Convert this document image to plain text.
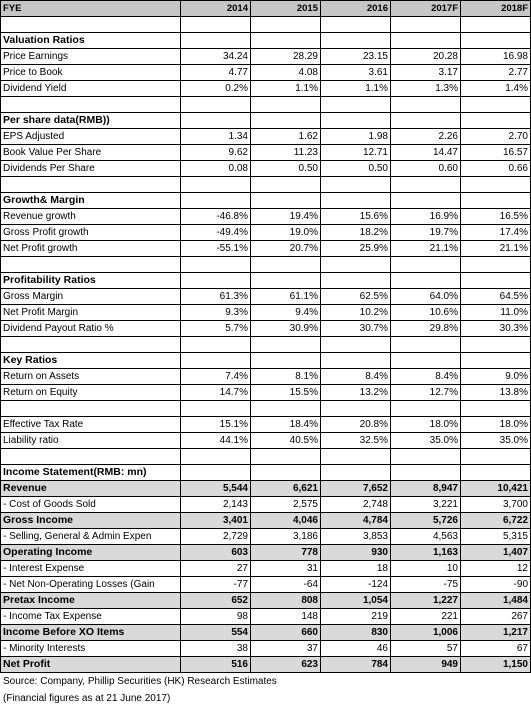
FYE	2014	2015	2016	2017F	2018F

Valuation Ratios					
Price Earnings	34.24	28.29	23.15	20.28	16.98
Price to Book	4.77	4.08	3.61	3.17	2.77
Dividend Yield	0.2%	1.1%	1.1%	1.3%	1.4%

Per share data(RMB))					
EPS Adjusted	1.34	1.62	1.98	2.26	2.70
Book Value Per Share	9.62	11.23	12.71	14.47	16.57
Dividends Per Share	0.08	0.50	0.50	0.60	0.66

Growth& Margin					
Revenue growth	-46.8%	19.4%	15.6%	16.9%	16.5%
Gross Profit growth	-49.4%	19.0%	18.2%	19.7%	17.4%
Net Profit growth	-55.1%	20.7%	25.9%	21.1%	21.1%

Profitability Ratios					
Gross Margin	61.3%	61.1%	62.5%	64.0%	64.5%
Net Profit Margin	9.3%	9.4%	10.2%	10.6%	11.0%
Dividend Payout Ratio %	5.7%	30.9%	30.7%	29.8%	30.3%

Key Ratios					
Return on Assets	7.4%	8.1%	8.4%	8.4%	9.0%
Return on Equity	14.7%	15.5%	13.2%	12.7%	13.8%

Effective Tax Rate	15.1%	18.4%	20.8%	18.0%	18.0%
Liability ratio	44.1%	40.5%	32.5%	35.0%	35.0%

Income Statement(RMB: mn)					
Revenue	5,544	6,621	7,652	8,947	10,421
- Cost of Goods Sold	2,143	2,575	2,748	3,221	3,700
Gross Income	3,401	4,046	4,784	5,726	6,722
- Selling, General & Admin Expen	2,729	3,186	3,853	4,563	5,315
Operating Income	603	778	930	1,163	1,407
- Interest Expense	27	31	18	10	12
- Net Non-Operating Losses (Gain	-77	-64	-124	-75	-90
Pretax Income	652	808	1,054	1,227	1,484
- Income Tax Expense	98	148	219	221	267
Income Before XO Items	554	660	830	1,006	1,217
- Minority Interests	38	37	46	57	67
Net Profit	516	623	784	949	1,150
Source: Company, Phillip Securities (HK) Research Estimates
(Financial figures as at 21 June 2017)
